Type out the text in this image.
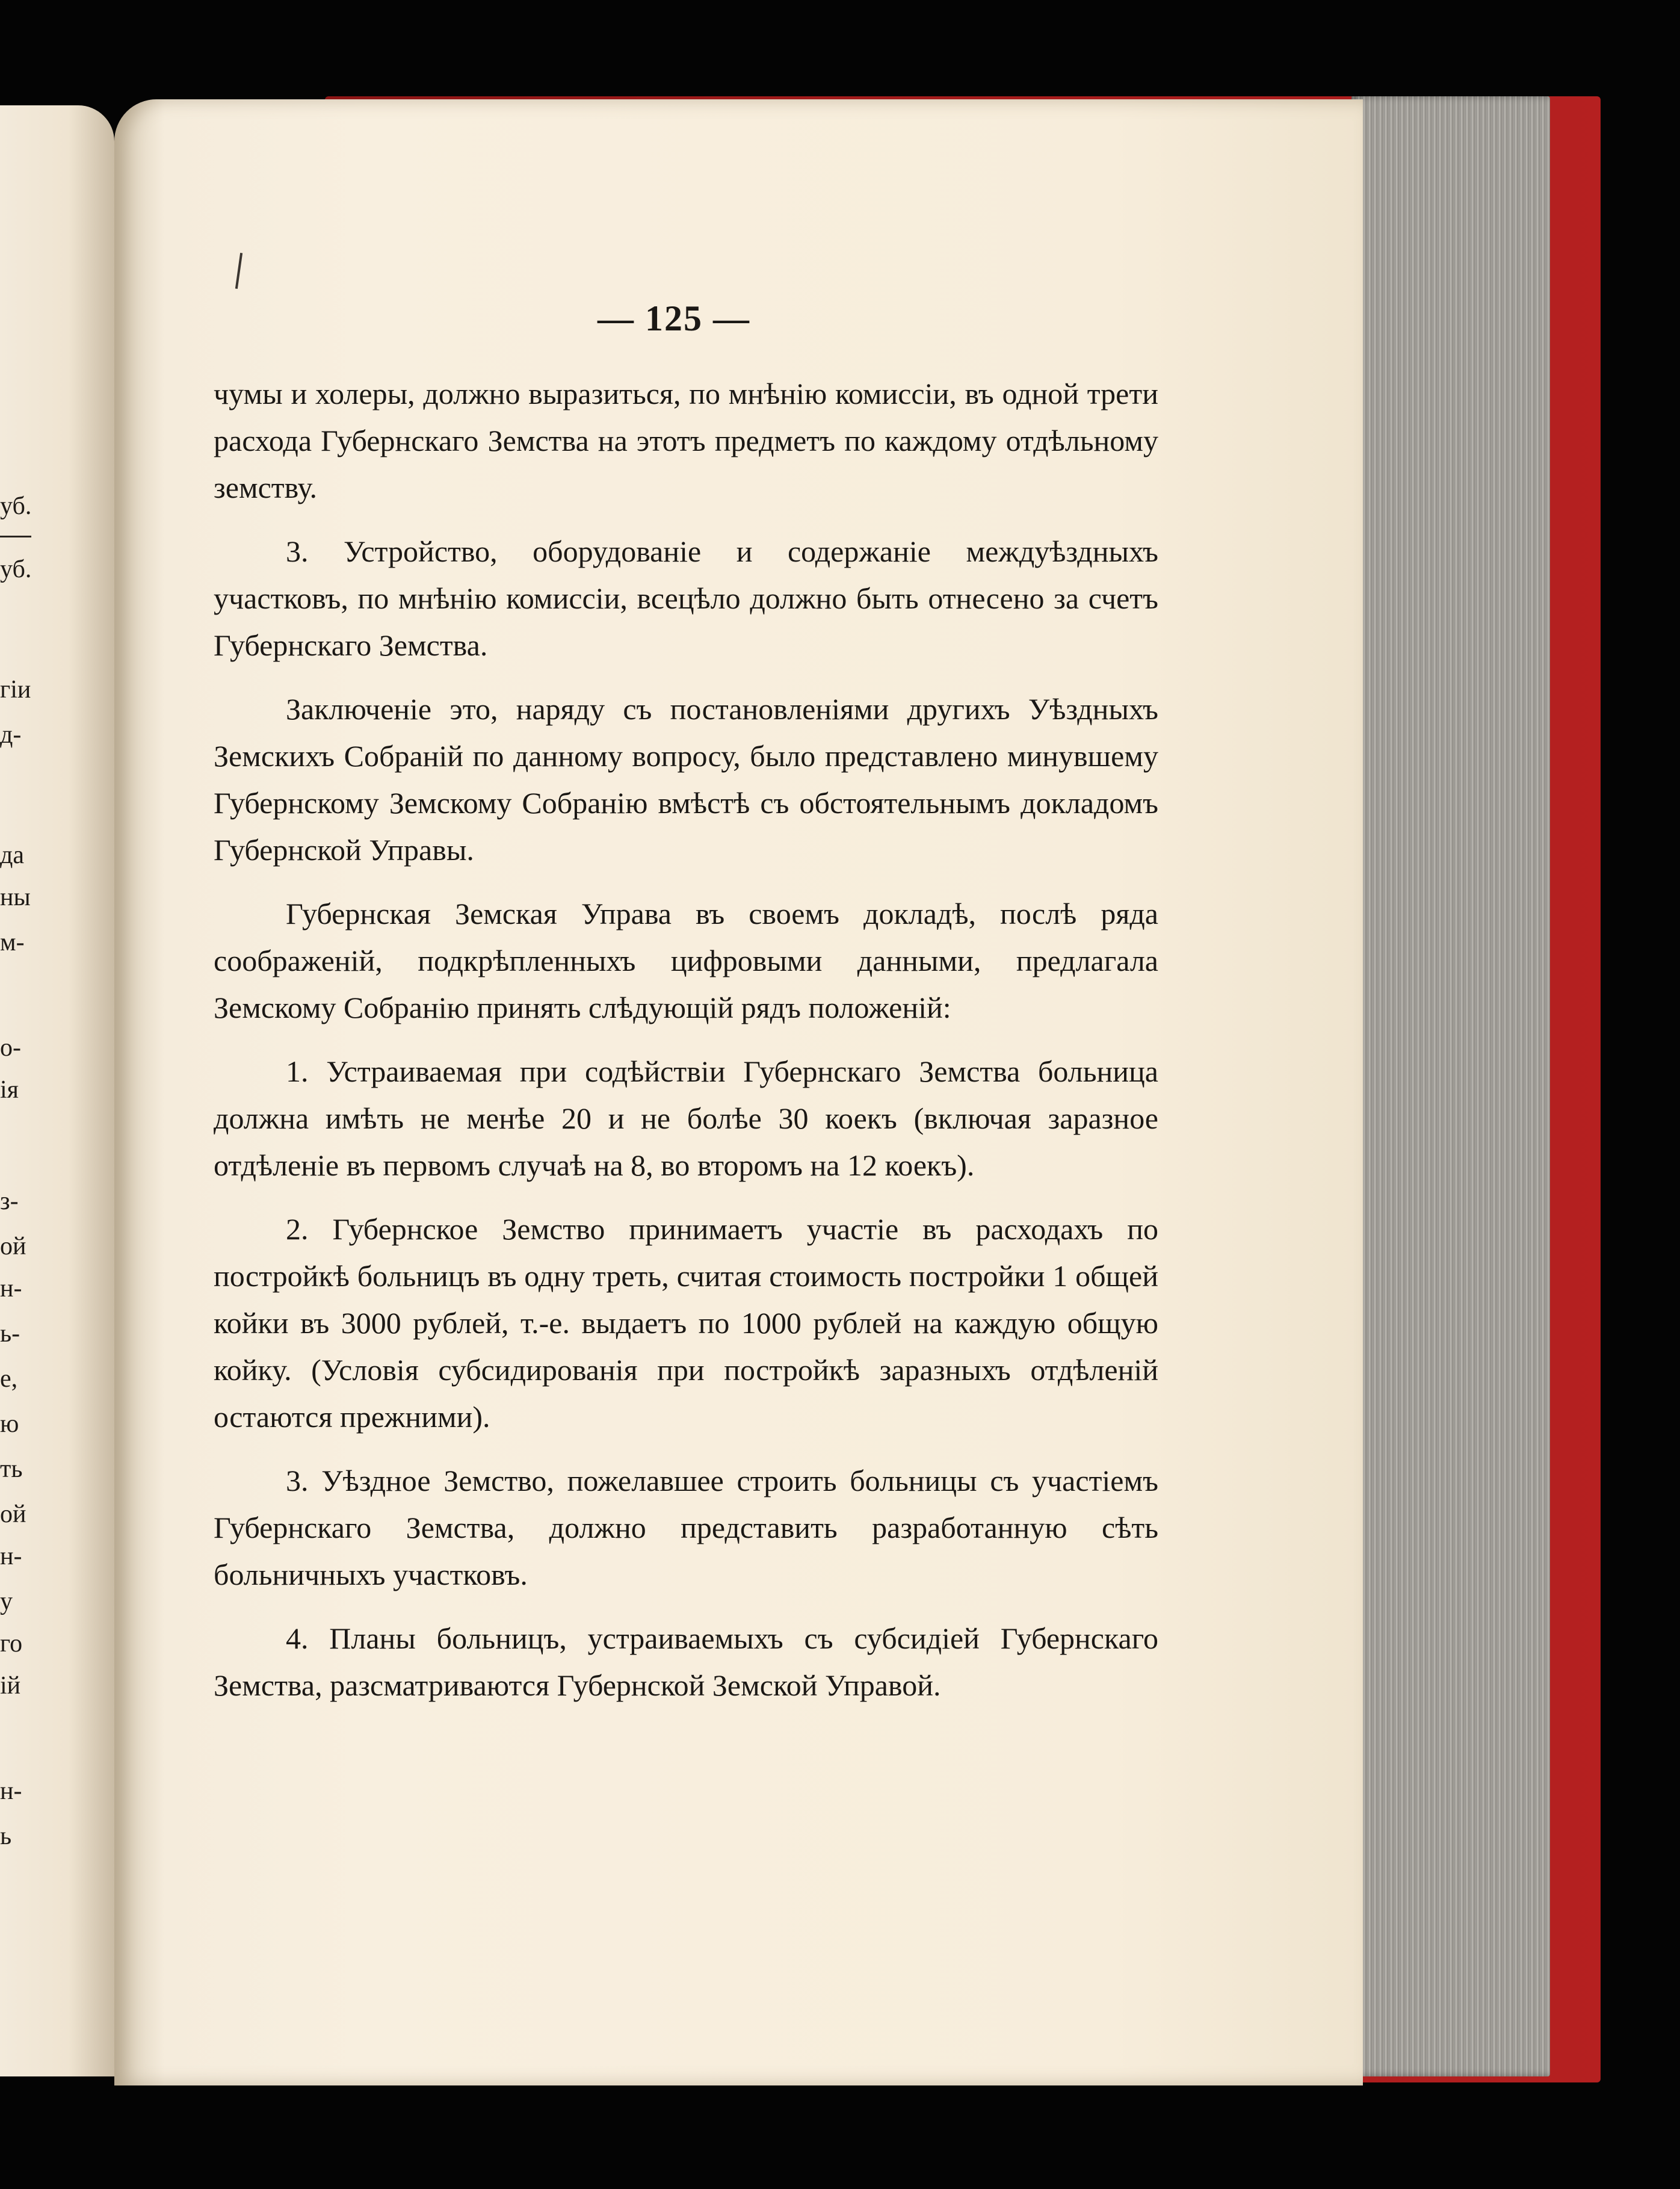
уб.
уб.
гіи
д-
да
ны
м-
о-
ія
з-
ой
н-
ь-
е,
ю
ть
ой
н-
у
го
ій
н-
ь
— 125 —

чумы и холеры, должно выразиться, по мнѣнію комиссіи, въ одной трети расхода Губернскаго Земства на этотъ предметъ по каждому отдѣльному земству.

3. Устройство, оборудованіе и содержаніе междуѣздныхъ участковъ, по мнѣнію комиссіи, всецѣло должно быть отнесено за счетъ Губернскаго Земства.

Заключеніе это, наряду съ постановленіями другихъ Уѣздныхъ Земскихъ Собраній по данному вопросу, было представлено минувшему Губернскому Земскому Собранію вмѣстѣ съ обстоятельнымъ докладомъ Губернской Управы.

Губернская Земская Управа въ своемъ докладѣ, послѣ ряда соображеній, подкрѣпленныхъ цифровыми данными, предлагала Земскому Собранію принять слѣдующій рядъ положеній:

1. Устраиваемая при содѣйствіи Губернскаго Земства больница должна имѣть не менѣе 20 и не болѣе 30 коекъ (включая заразное отдѣленіе въ первомъ случаѣ на 8, во второмъ на 12 коекъ).

2. Губернское Земство принимаетъ участіе въ расходахъ по постройкѣ больницъ въ одну треть, считая стоимость постройки 1 общей койки въ 3000 рублей, т.-е. выдаетъ по 1000 рублей на каждую общую койку. (Условія субсидированія при постройкѣ заразныхъ отдѣленій остаются прежними).

3. Уѣздное Земство, пожелавшее строить больницы съ участіемъ Губернскаго Земства, должно представить разработанную сѣть больничныхъ участковъ.

4. Планы больницъ, устраиваемыхъ съ субсидіей Губернскаго Земства, разсматриваются Губернской Земской Управой.
